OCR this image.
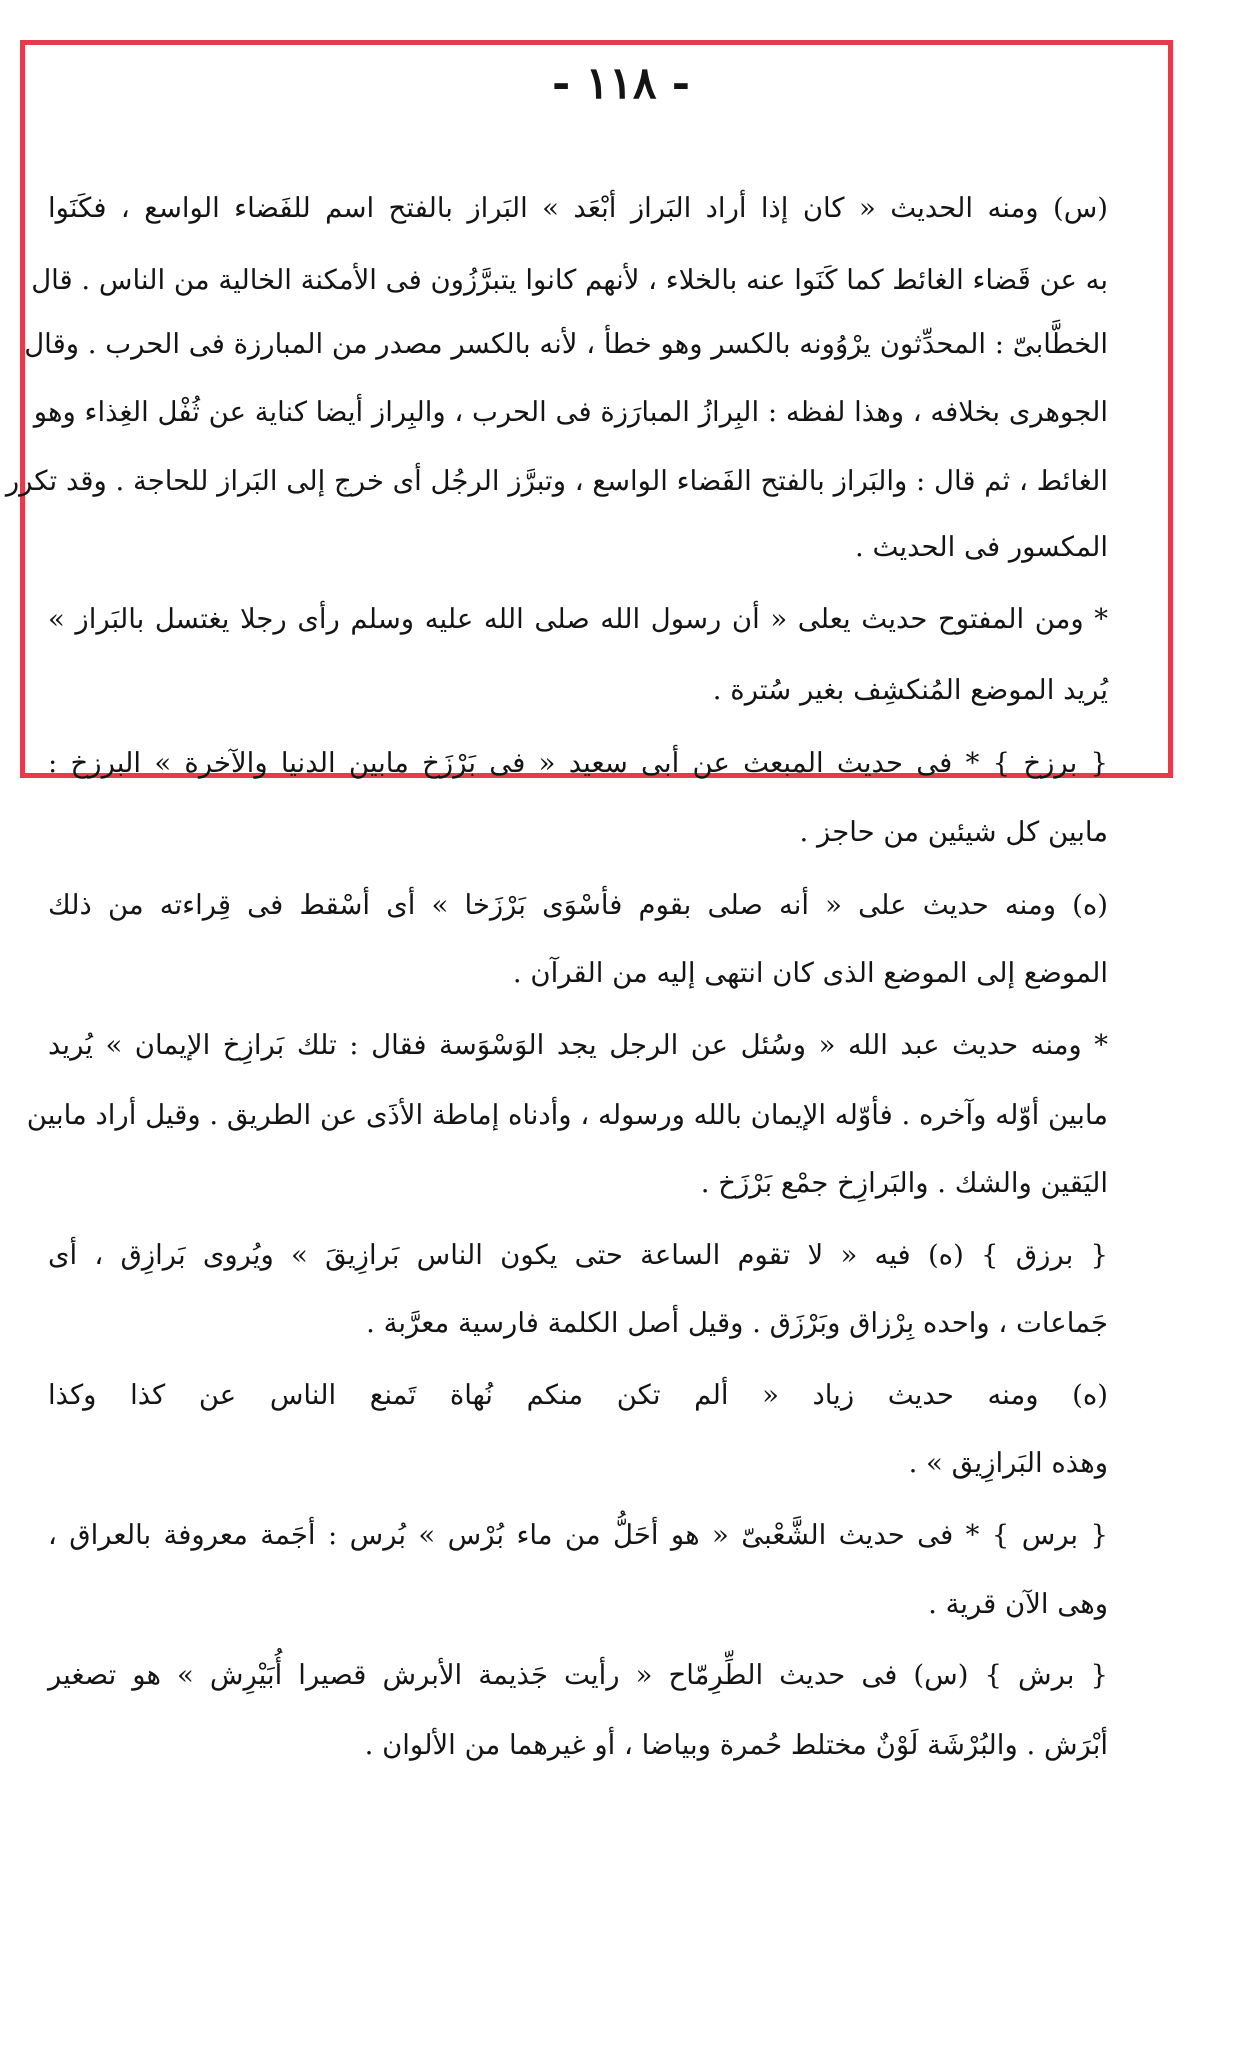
- ١١٨ -
(س) ومنه الحديث « كان إذا أراد البَراز أبْعَد » البَراز بالفتح اسم للفَضاء الواسع ، فكَنَوا
به عن قَضاء الغائط كما كَنَوا عنه بالخلاء ، لأنهم كانوا يتبرَّزُون فى الأمكنة الخالية من الناس . قال
الخطَّابىّ : المحدِّثون يرْوُونه بالكسر وهو خطأ ، لأنه بالكسر مصدر من المبارزة فى الحرب . وقال
الجوهرى بخلافه ، وهذا لفظه : البِرازُ المبارَزة فى الحرب ، والبِراز أيضا كناية عن ثُفْل الغِذاء وهو
الغائط ، ثم قال : والبَراز بالفتح الفَضاء الواسع ، وتبرَّز الرجُل أى خرج إلى البَراز للحاجة . وقد تكرر
المكسور فى الحديث .
* ومن المفتوح حديث يعلى « أن رسول الله صلى الله عليه وسلم رأى رجلا يغتسل بالبَراز »
يُريد الموضع المُنكشِف بغير سُترة .
{ برزخ } * فى حديث المبعث عن أبى سعيد « فى بَرْزَخ مابين الدنيا والآخرة » البرزخ :
مابين كل شيئين من حاجز .
(ه) ومنه حديث على « أنه صلى بقوم فأسْوَى بَرْزَخا » أى أسْقط فى قِراءته من ذلك
الموضع إلى الموضع الذى كان انتهى إليه من القرآن .
* ومنه حديث عبد الله « وسُئل عن الرجل يجد الوَسْوَسة فقال : تلك بَرازِخ الإيمان » يُريد
مابين أوّله وآخره . فأوّله الإيمان بالله ورسوله ، وأدناه إماطة الأذَى عن الطريق . وقيل أراد مابين
اليَقين والشك . والبَرازِخ جمْع بَرْزَخ .
{ برزق } (ه) فيه « لا تقوم الساعة حتى يكون الناس بَرازِيقَ » ويُروى بَرازِق ، أى
جَماعات ، واحده بِرْزاق وبَرْزَق . وقيل أصل الكلمة فارسية معرَّبة .
(ه) ومنه حديث زياد « ألم تكن منكم نُهاة تَمنع الناس عن كذا وكذا
وهذه البَرازِيق » .
{ برس } * فى حديث الشَّعْبىّ « هو أحَلُّ من ماء بُرْس » بُرس : أجَمة معروفة بالعراق ،
وهى الآن قرية .
{ برش } (س) فى حديث الطِّرِمّاح « رأيت جَذيمة الأبرش قصيرا أُبَيْرِش » هو تصغير
أبْرَش . والبُرْشَة لَوْنٌ مختلط حُمرة وبياضا ، أو غيرهما من الألوان .
